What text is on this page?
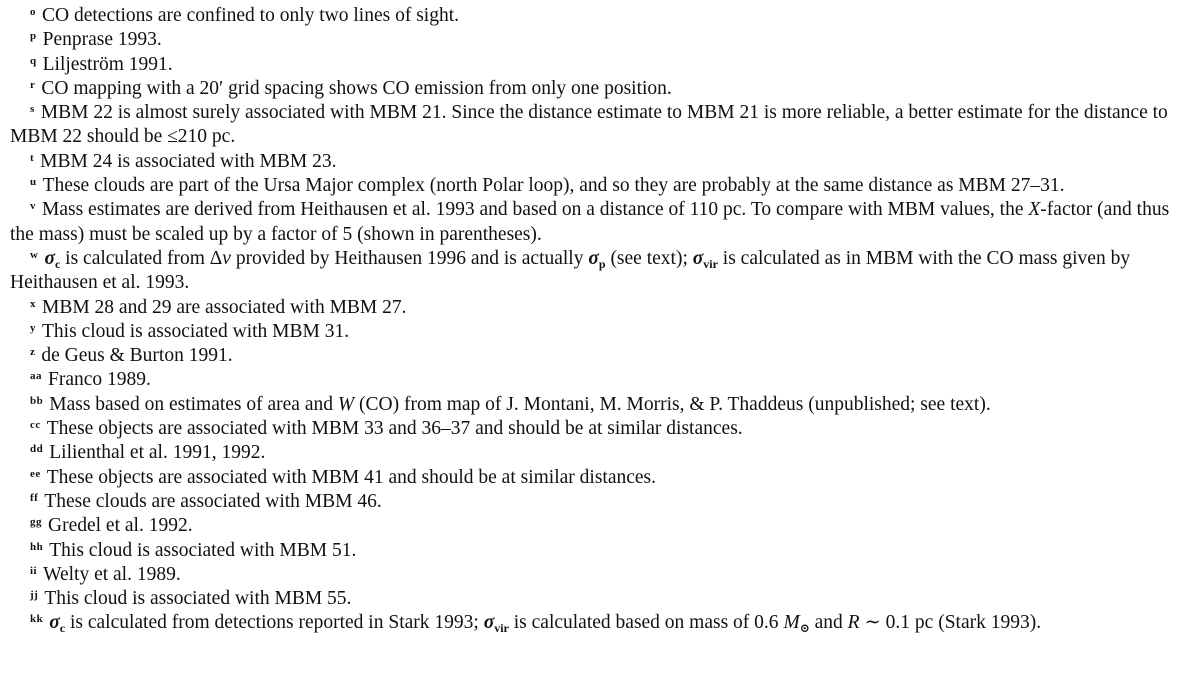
$^o$ CO detections are confined to only two lines of sight.

$^p$ Penprase 1993.

$^q$ Liljeström 1991.

$^r$ CO mapping with a 20′ grid spacing shows CO emission from only one position.

$^s$ MBM 22 is almost surely associated with MBM 21. Since the distance estimate to MBM 21 is more reliable, a better estimate for the distance to MBM 22 should be ≤210 pc.

$^t$ MBM 24 is associated with MBM 23.

$^u$ These clouds are part of the Ursa Major complex (north Polar loop), and so they are probably at the same distance as MBM 27–31.

$^v$ Mass estimates are derived from Heithausen et al. 1993 and based on a distance of 110 pc. To compare with MBM values, the X-factor (and thus the mass) must be scaled up by a factor of 5 (shown in parentheses).

$^w$ $\sigma_c$ is calculated from Δv provided by Heithausen 1996 and is actually $\sigma_p$ (see text); $\sigma_{vir}$ is calculated as in MBM with the CO mass given by Heithausen et al. 1993.

$^x$ MBM 28 and 29 are associated with MBM 27.

$^y$ This cloud is associated with MBM 31.

$^z$ de Geus & Burton 1991.

$^{aa}$ Franco 1989.

$^{bb}$ Mass based on estimates of area and W (CO) from map of J. Montani, M. Morris, & P. Thaddeus (unpublished; see text).

$^{cc}$ These objects are associated with MBM 33 and 36–37 and should be at similar distances.

$^{dd}$ Lilienthal et al. 1991, 1992.

$^{ee}$ These objects are associated with MBM 41 and should be at similar distances.

$^{ff}$ These clouds are associated with MBM 46.

$^{gg}$ Gredel et al. 1992.

$^{hh}$ This cloud is associated with MBM 51.

$^{ii}$ Welty et al. 1989.

$^{jj}$ This cloud is associated with MBM 55.

$^{kk}$ $\sigma_c$ is calculated from detections reported in Stark 1993; $\sigma_{vir}$ is calculated based on mass of 0.6 $M_⊙$ and R ∼ 0.1 pc (Stark 1993).
